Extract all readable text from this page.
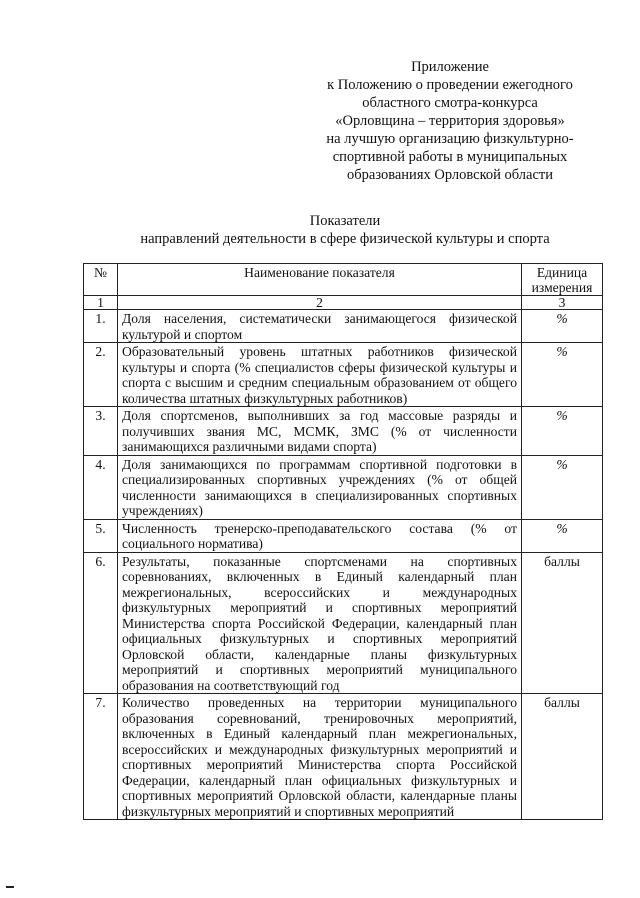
Приложение
к Положению о проведении ежегодного
областного смотра-конкурса
«Орловщина – территория здоровья»
на лучшую организацию физкультурно-
спортивной работы в муниципальных
образованиях Орловской области
Показатели
направлений деятельности в сфере физической культуры и спорта
№	Наименование показателя	Единица измерения
1	2	3
1.	Доля населения, систематически занимающегося физической культурой и спортом	%
2.	Образовательный уровень штатных работников физической культуры и спорта (% специалистов сферы физической культуры и спорта с высшим и средним специальным образованием от общего количества штатных физкультурных работников)	%
3.	Доля спортсменов, выполнивших за год массовые разряды и получивших звания МС, МСМК, ЗМС (% от численности занимающихся различными видами спорта)	%
4.	Доля занимающихся по программам спортивной подготовки в специализированных спортивных учреждениях (% от общей численности занимающихся в специализированных спортивных учреждениях)	%
5.	Численность тренерско-преподавательского состава (% от социального норматива)	%
6.	Результаты, показанные спортсменами на спортивных соревнованиях, включенных в Единый календарный план межрегиональных, всероссийских и международных физкультурных мероприятий и спортивных мероприятий Министерства спорта Российской Федерации, календарный план официальных физкультурных и спортивных мероприятий Орловской области, календарные планы физкультурных мероприятий и спортивных мероприятий муниципального образования на соответствующий год	баллы
7.	Количество проведенных на территории муниципального образования соревнований, тренировочных мероприятий, включенных в Единый календарный план межрегиональных, всероссийских и международных физкультурных мероприятий и спортивных мероприятий Министерства спорта Российской Федерации, календарный план официальных физкультурных и спортивных мероприятий Орловской области, календарные планы физкультурных мероприятий и спортивных мероприятий	баллы
